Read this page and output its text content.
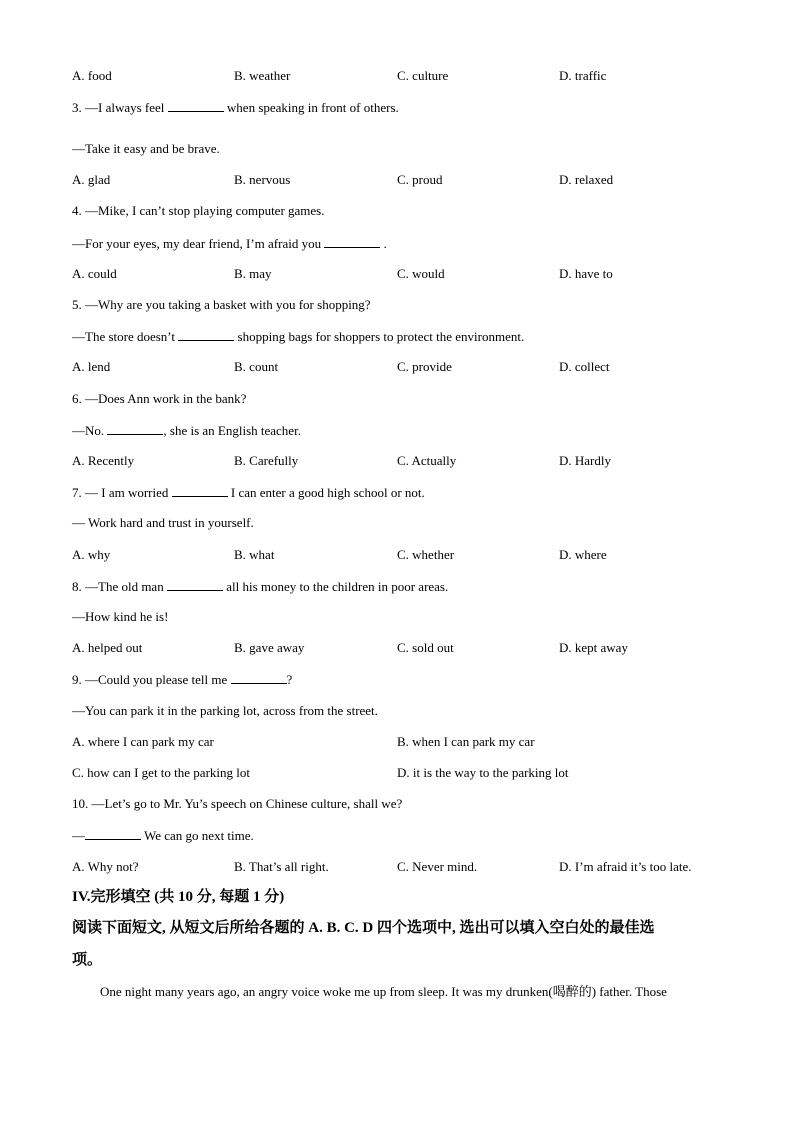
A. food	B. weather	C. culture	D. traffic
3. —I always feel	when speaking in front of others.
—Take it easy and be brave.
A. glad	B. nervous	C. proud	D. relaxed
4. —Mike, I can’t stop playing computer games.
—For your eyes, my dear friend, I’m afraid you	.
A. could	B. may	C. would	D. have to
5. —Why are you taking a basket with you for shopping?
—The store doesn’t	shopping bags for shoppers to protect the environment.
A. lend	B. count	C. provide	D. collect
6. —Does Ann work in the bank?
—No.	, she is an English teacher.
A. Recently	B. Carefully	C. Actually	D. Hardly
7. — I am worried	I can enter a good high school or not.
— Work hard and trust in yourself.
A. why	B. what	C. whether	D. where
8. —The old man	all his money to the children in poor areas.
—How kind he is!
A. helped out	B. gave away	C. sold out	D. kept away
9. —Could you please tell me	?
—You can park it in the parking lot, across from the street.
A. where I can park my car	B. when I can park my car
C. how can I get to the parking lot	D. it is the way to the parking lot
10. —Let’s go to Mr. Yu’s speech on Chinese culture, shall we?
—	We can go next time.
A. Why not?	B. That’s all right.	C. Never mind.	D. I’m afraid it’s too late.
IV.完形填空 (共 10 分, 每题 1 分)
阅读下面短文, 从短文后所给各题的 A. B. C. D 四个选项中, 选出可以填入空白处的最佳选
项。
One night many years ago, an angry voice woke me up from sleep. It was my drunken(喝醉的) father. Those
